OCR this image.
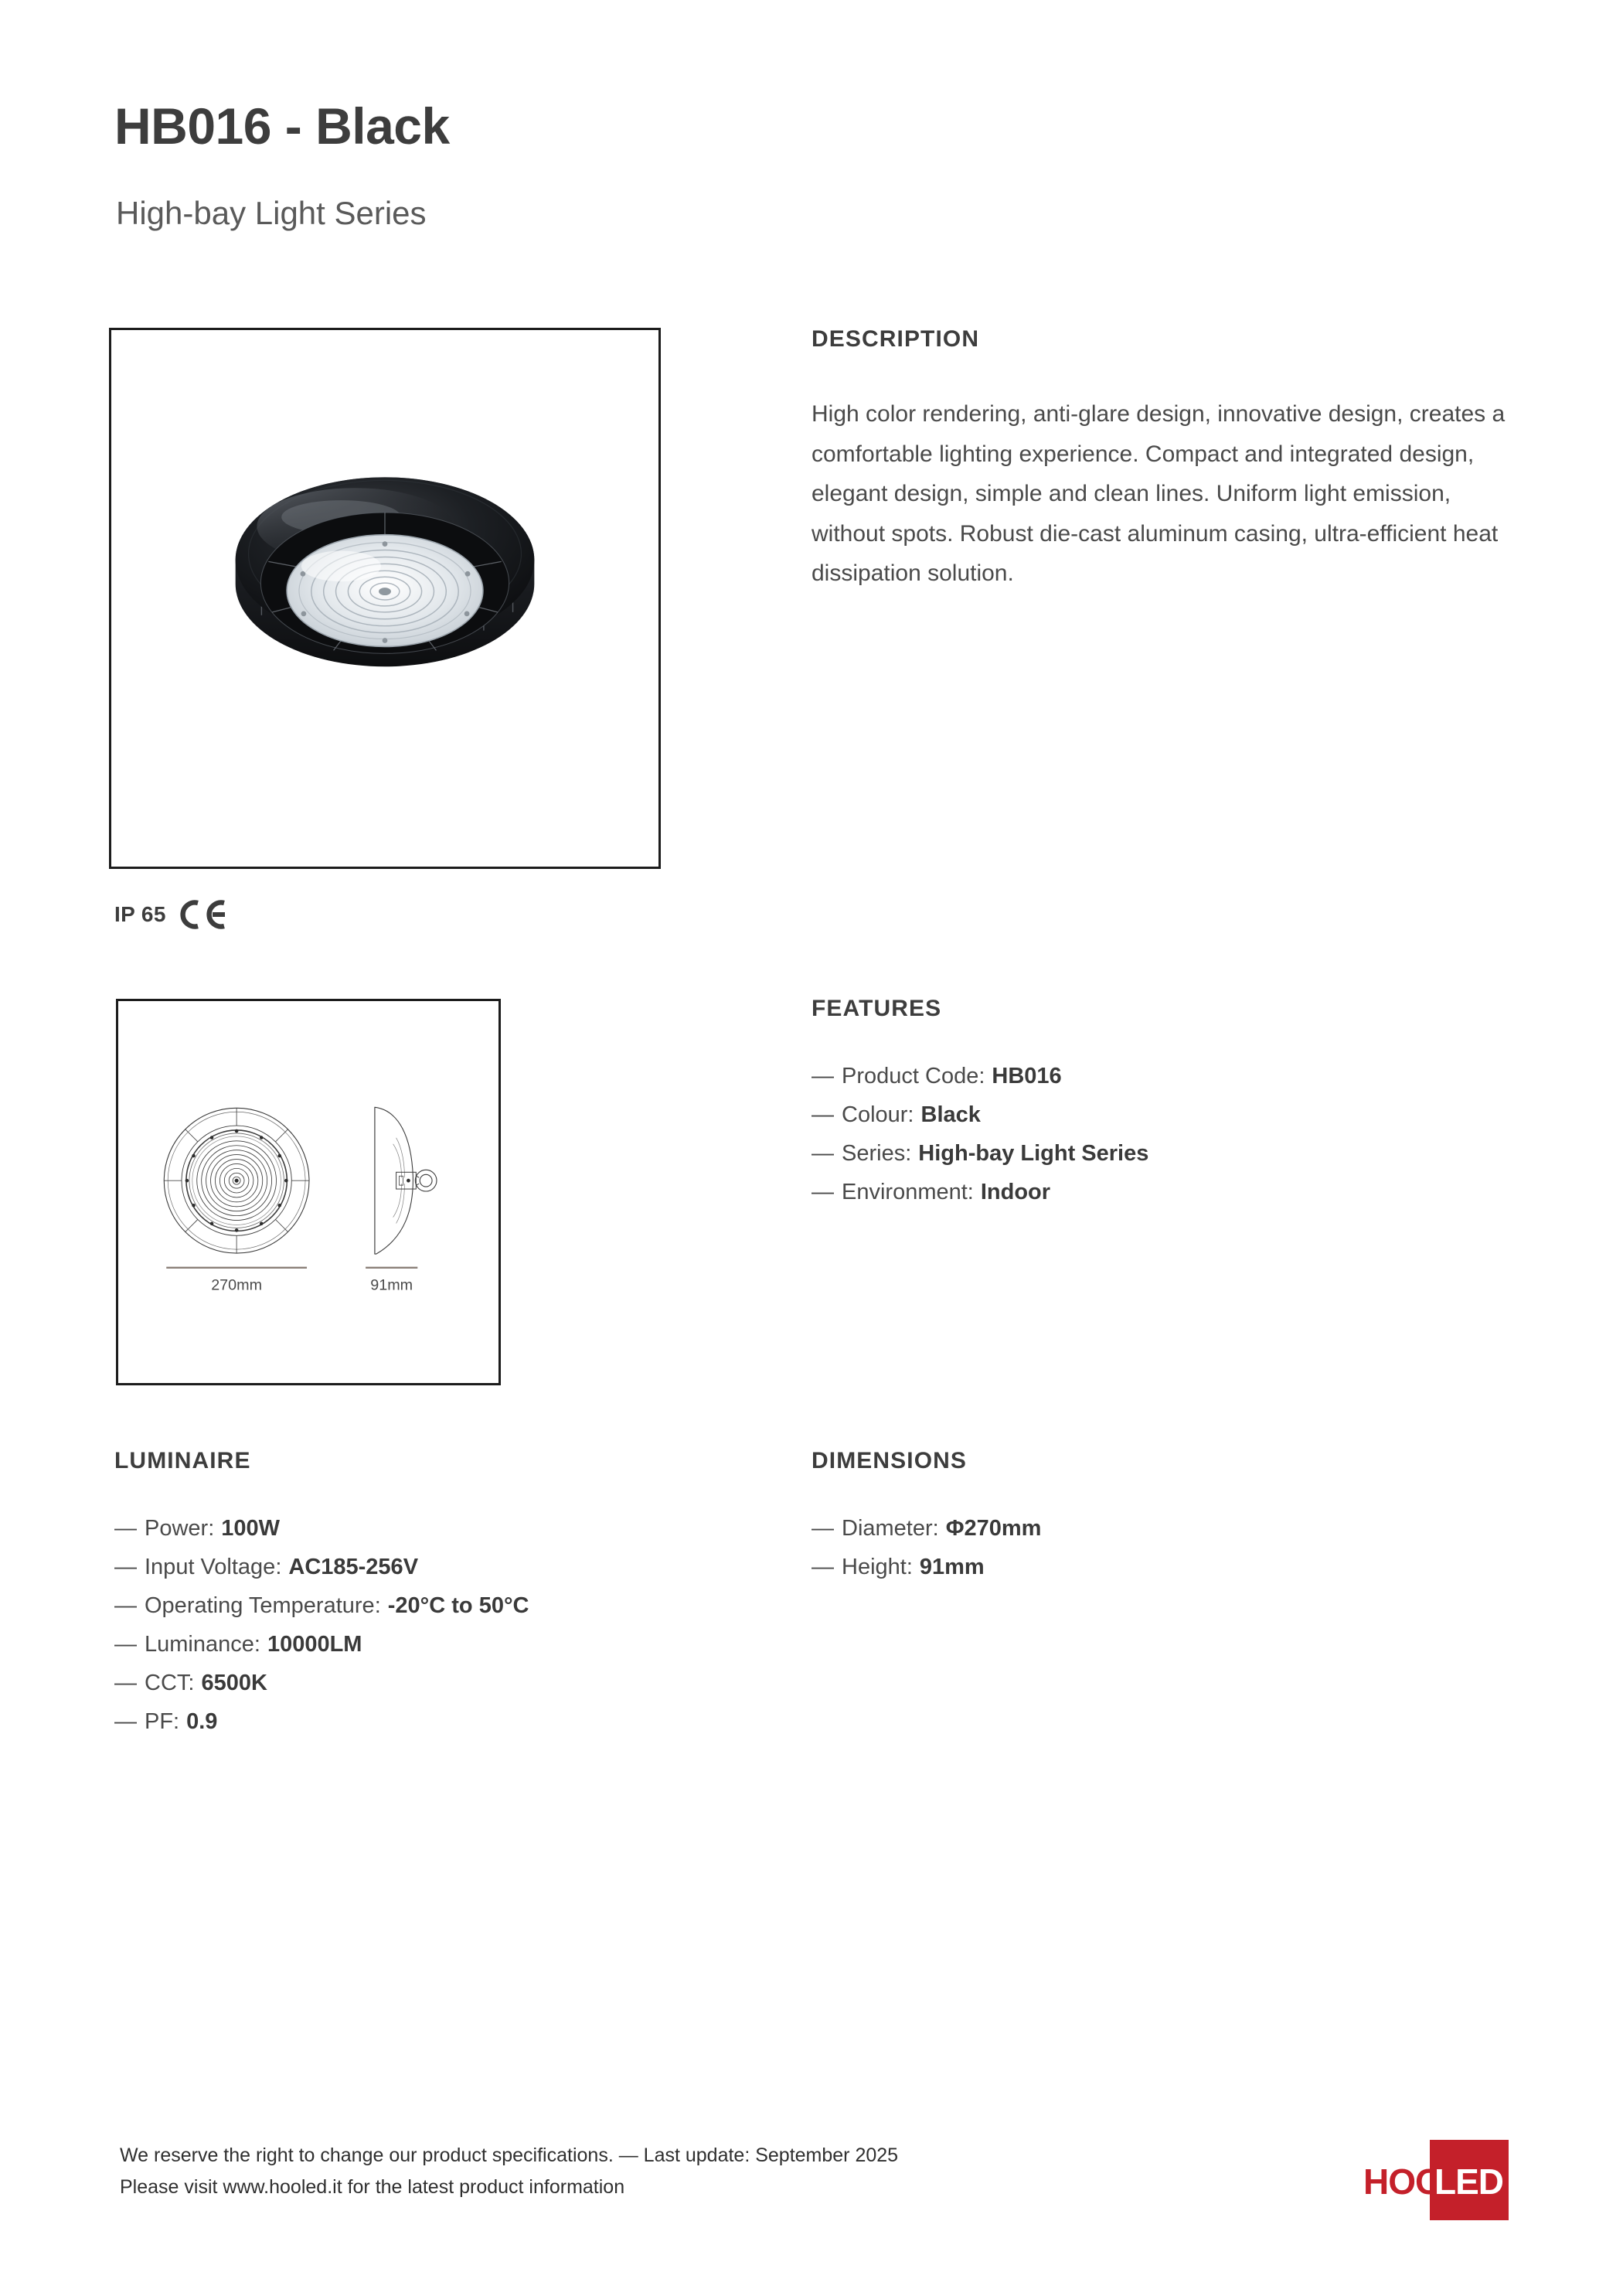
HB016 - Black
High-bay Light Series
IP 65
270mm	91mm
DESCRIPTION
High color rendering, anti-glare design, innovative design, creates a comfortable lighting experience. Compact and integrated design, elegant design, simple and clean lines. Uniform light emission, without spots. Robust die-cast aluminum casing, ultra-efficient heat dissipation solution.
FEATURES
— Product Code: HB016
— Colour: Black
— Series: High-bay Light Series
— Environment: Indoor
LUMINAIRE
— Power: 100W
— Input Voltage: AC185-256V
— Operating Temperature: -20°C to 50°C
— Luminance: 10000LM
— CCT: 6500K
— PF: 0.9
DIMENSIONS
— Diameter: Φ270mm
— Height: 91mm
We reserve the right to change our product specifications. — Last update: September 2025
Please visit www.hooled.it for the latest product information	HOO
LED
